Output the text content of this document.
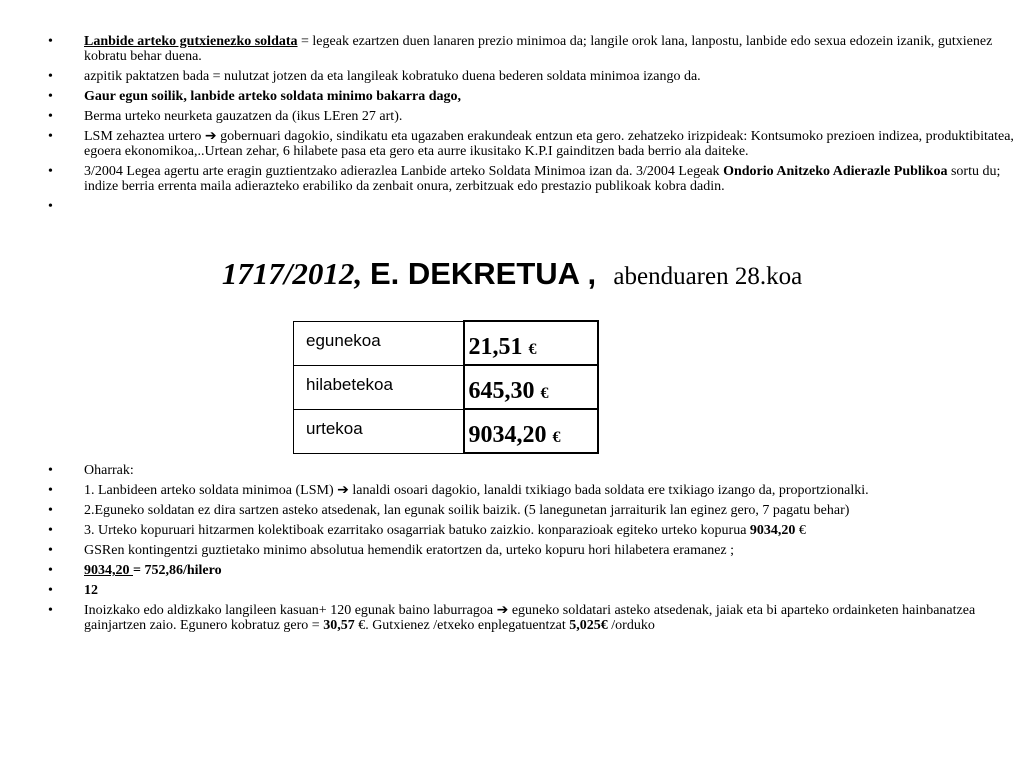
• Lanbide arteko gutxienezko soldata = legeak ezartzen duen lanaren prezio minimoa da; langile orok lana, lanpostu, lanbide edo sexua edozein izanik, gutxienez kobratu behar duena.
• azpitik paktatzen bada = nulutzat jotzen da eta langileak kobratuko duena bederen soldata minimoa izango da.
• Gaur egun soilik, lanbide arteko soldata minimo bakarra dago,
• Berma urteko neurketa gauzatzen da (ikus LEren 27 art).
• LSM zehaztea urtero ➔ gobernuari dagokio, sindikatu eta ugazaben erakundeak entzun eta gero. zehatzeko irizpideak: Kontsumoko prezioen indizea, produktibitatea, egoera ekonomikoa,..Urtean zehar, 6 hilabete pasa eta gero eta aurre ikusitako K.P.I gainditzen bada berrio ala daiteke.
• 3/2004 Legea agertu arte eragin guztientzako adierazlea Lanbide arteko Soldata Minimoa izan da. 3/2004 Legeak Ondorio Anitzeko Adierazle Publikoa sortu du; indize berria errenta maila adierazteko erabiliko da zenbait onura, zerbitzuak edo prestazio publikoak kobra dadin.
•
1717/2012, E. DEKRETUA ,  abenduaren 28.koa
egunekoa	21,51 €
hilabetekoa	645,30 €
urtekoa	9034,20 €
• Oharrak:
• 1. Lanbideen arteko soldata minimoa (LSM) ➔ lanaldi osoari dagokio, lanaldi txikiago bada soldata ere txikiago izango da, proportzionalki.
• 2.Eguneko soldatan ez dira sartzen asteko atsedenak, lan egunak soilik baizik. (5 lanegunetan jarraiturik lan eginez gero, 7 pagatu behar)
• 3. Urteko kopuruari hitzarmen kolektiboak ezarritako osagarriak batuko zaizkio. konparazioak egiteko urteko kopurua 9034,20 €
• GSRen kontingentzi guztietako minimo absolutua hemendik eratortzen da, urteko kopuru hori hilabetera eramanez ;
• 9034,20 = 752,86/hilero
• 12
• Inoizkako edo aldizkako langileen kasuan+ 120 egunak baino laburragoa ➔ eguneko soldatari asteko atsedenak, jaiak eta bi aparteko ordainketen hainbanatzea gainjartzen zaio. Egunero kobratuz gero = 30,57 €. Gutxienez /etxeko enplegatuentzat 5,025€ /orduko
